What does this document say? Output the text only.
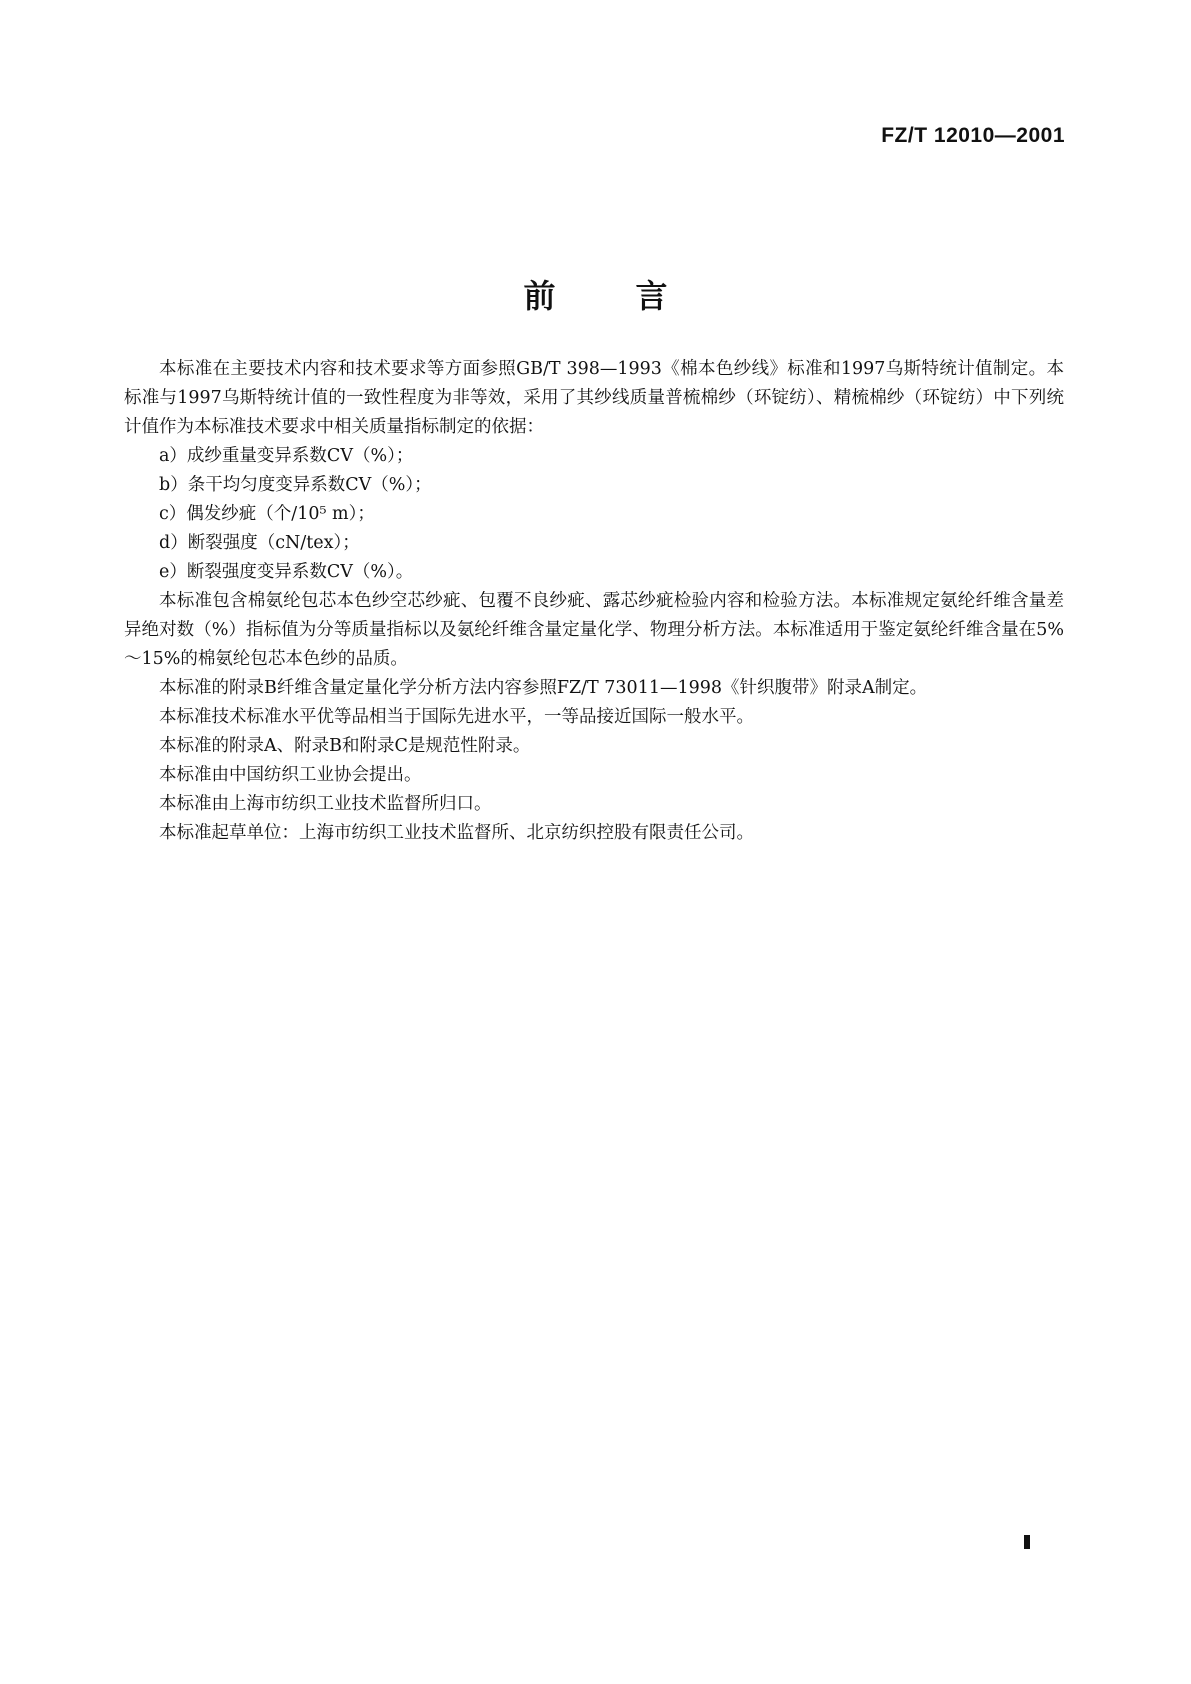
FZ/T 12010—2001
前言

本标准在主要技术内容和技术要求等方面参照GB/T 398—1993《棉本色纱线》标准和1997乌斯特统计值制定。本标准与1997乌斯特统计值的一致性程度为非等效，采用了其纱线质量普梳棉纱（环锭纺）、精梳棉纱（环锭纺）中下列统计值作为本标准技术要求中相关质量指标制定的依据：

a）成纱重量变异系数CV（%）；

b）条干均匀度变异系数CV（%）；

c）偶发纱疵（个/10⁵ m）；

d）断裂强度（cN/tex）；

e）断裂强度变异系数CV（%）。

本标准包含棉氨纶包芯本色纱空芯纱疵、包覆不良纱疵、露芯纱疵检验内容和检验方法。本标准规定氨纶纤维含量差异绝对数（%）指标值为分等质量指标以及氨纶纤维含量定量化学、物理分析方法。本标准适用于鉴定氨纶纤维含量在5%～15%的棉氨纶包芯本色纱的品质。

本标准的附录B纤维含量定量化学分析方法内容参照FZ/T 73011—1998《针织腹带》附录A制定。

本标准技术标准水平优等品相当于国际先进水平，一等品接近国际一般水平。

本标准的附录A、附录B和附录C是规范性附录。

本标准由中国纺织工业协会提出。

本标准由上海市纺织工业技术监督所归口。

本标准起草单位：上海市纺织工业技术监督所、北京纺织控股有限责任公司。
